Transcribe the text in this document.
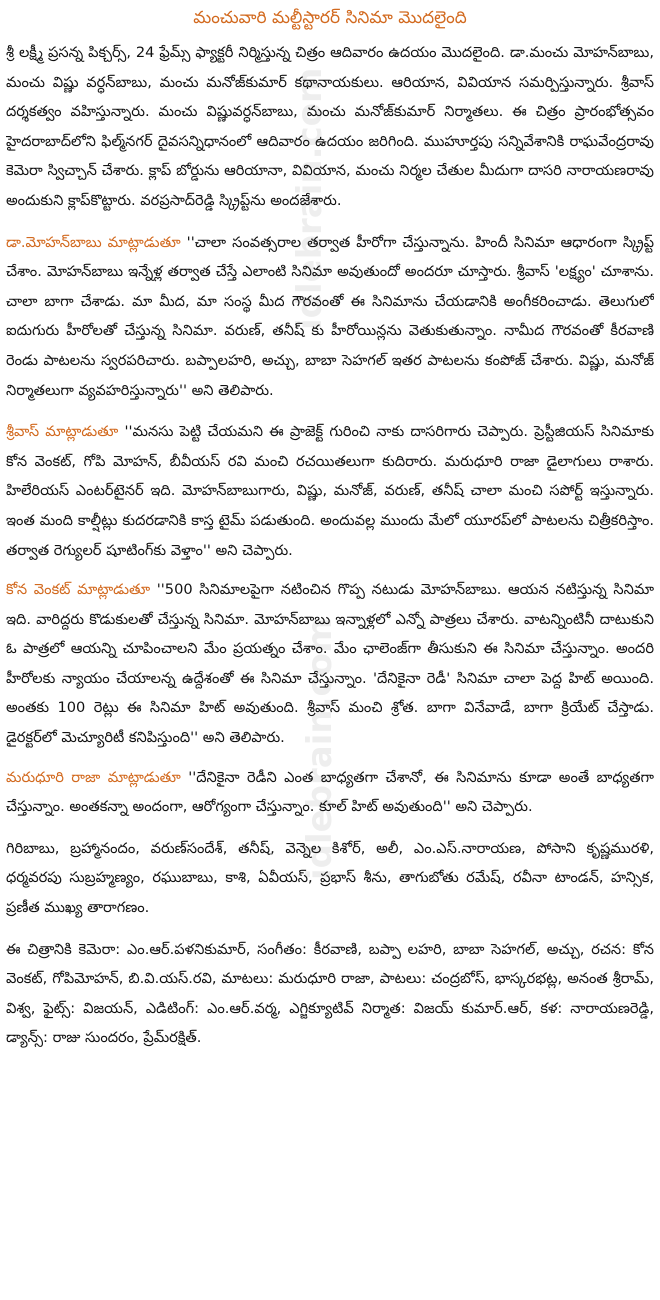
idlebrain.com
idlebrain.com
మంచువారి మల్టీస్టారర్ సినిమా మొదలైంది

శ్రీ లక్ష్మీ ప్రసన్న పిక్చర్స్, 24 ఫ్రేమ్స్ ఫ్యాక్టరీ నిర్మిస్తున్న చిత్రం ఆదివారం ఉదయం మొదలైంది. డా.మంచు మోహన్‌బాబు, మంచు విష్ణు వర్ధన్‌బాబు, మంచు మనోజ్‌కుమార్ కథానాయకులు. ఆరియాన, వివియాన సమర్పిస్తున్నారు. శ్రీవాస్ దర్శకత్వం వహిస్తున్నారు. మంచు విష్ణువర్ధన్‌బాబు, మంచు మనోజ్‌కుమార్ నిర్మాతలు. ఈ చిత్రం ప్రారంభోత్సవం హైదరాబాద్‌లోని ఫిల్మ్‌నగర్ దైవసన్నిధానంలో ఆదివారం ఉదయం జరిగింది. ముహూర్తపు సన్నివేశానికి రాఘవేంద్రరావు కెమెరా స్విచ్చాన్ చేశారు. క్లాప్ బోర్డును ఆరియానా, వివియాన, మంచు నిర్మల చేతుల మీదుగా దాసరి నారాయణరావు అందుకుని క్లాప్‌కొట్టారు. వరప్రసాద్‌రెడ్డి స్క్రిప్ట్‌ను అందజేశారు.

డా.మోహన్‌బాబు మాట్లాడుతూ ''చాలా సంవత్సరాల తర్వాత హీరోగా చేస్తున్నాను. హిందీ సినిమా ఆధారంగా స్క్రిప్ట్ చేశాం. మోహన్‌బాబు ఇన్నేళ్ల తర్వాత చేస్తే ఎలాంటి సినిమా అవుతుందో అందరూ చూస్తారు. శ్రీవాస్ 'లక్ష్యం' చూశాను. చాలా బాగా చేశాడు. మా మీద, మా సంస్థ మీద గౌరవంతో ఈ సినిమాను చేయడానికి అంగీకరించాడు. తెలుగులో ఐదుగురు హీరోలతో చేస్తున్న సినిమా. వరుణ్, తనీష్ కు హీరోయిన్లను వెతుకుతున్నాం. నామీద గౌరవంతో కీరవాణి రెండు పాటలను స్వరపరిచారు. బప్పాలహరి, అచ్చు, బాబా సెహగల్ ఇతర పాటలను కంపోజ్ చేశారు. విష్ణు, మనోజ్ నిర్మాతలుగా వ్యవహరిస్తున్నారు'' అని తెలిపారు.

శ్రీవాస్ మాట్లాడుతూ ''మనసు పెట్టి చేయమని ఈ ప్రాజెక్ట్ గురించి నాకు దాసరిగారు చెప్పారు. ప్రెస్టీజియస్ సినిమాకు కోన వెంకట్, గోపి మోహన్, బీవీయస్ రవి మంచి రచయితలుగా కుదిరారు. మరుధూరి రాజా డైలాగులు రాశారు. హిలేరియస్ ఎంటర్‌టైనర్ ఇది. మోహన్‌బాబుగారు, విష్ణు, మనోజ్, వరుణ్, తనీష్ చాలా మంచి సపోర్ట్ ఇస్తున్నారు. ఇంత మంది కాల్షీట్లు కుదరడానికి కాస్త టైమ్ పడుతుంది. అందువల్ల ముందు మేలో యూరప్‌లో పాటలను చిత్రీకరిస్తాం. తర్వాత రెగ్యులర్ షూటింగ్‌కు వెళ్తాం'' అని చెప్పారు.

కోన వెంకట్ మాట్లాడుతూ ''500 సినిమాలపైగా నటించిన గొప్ప నటుడు మోహన్‌బాబు. ఆయన నటిస్తున్న సినిమా ఇది. వారిద్దరు కొడుకులతో చేస్తున్న సినిమా. మోహన్‌బాబు ఇన్నాళ్లలో ఎన్నో పాత్రలు చేశారు. వాటన్నింటినీ దాటుకుని ఓ పాత్రలో ఆయన్ని చూపించాలని మేం ప్రయత్నం చేశాం. మేం ఛాలెంజ్‌గా తీసుకుని ఈ సినిమా చేస్తున్నాం. అందరి హీరోలకు న్యాయం చేయాలన్న ఉద్దేశంతో ఈ సినిమా చేస్తున్నాం. 'దేనికైనా రెడీ' సినిమా చాలా పెద్ద హిట్ అయింది. అంతకు 100 రెట్లు ఈ సినిమా హిట్ అవుతుంది. శ్రీవాస్ మంచి శ్రోత. బాగా వినేవాడే, బాగా క్రియేట్ చేస్తాడు. డైరక్టర్‌లో మెచ్యూరిటీ కనిపిస్తుంది'' అని తెలిపారు.

మరుధూరి రాజా మాట్లాడుతూ ''దేనికైనా రెడీని ఎంత బాధ్యతగా చేశానో, ఈ సినిమాను కూడా అంతే బాధ్యతగా చేస్తున్నాం. అంతకన్నా అందంగా, ఆరోగ్యంగా చేస్తున్నాం. కూల్ హిట్ అవుతుంది'' అని చెప్పారు.

గిరిబాబు, బ్రహ్మానందం, వరుణ్‌సందేశ్, తనీష్, వెన్నెల కిశోర్, అలీ, ఎం.ఎస్.నారాయణ, పోసాని కృష్ణమురళి, ధర్మవరపు సుబ్రహ్మణ్యం, రఘుబాబు, కాశి, ఏవీయస్, ప్రభాస్ శీను, తాగుబోతు రమేష్, రవీనా టాండన్, హన్సిక, ప్రణీత ముఖ్య తారాగణం.

ఈ చిత్రానికి కెమెరా: ఎం.ఆర్.పళనికుమార్, సంగీతం: కీరవాణి, బప్పా లహరి, బాబా సెహగల్, అచ్చు, రచన: కోన వెంకట్, గోపిమోహన్, బి.వి.యస్.రవి, మాటలు: మరుధూరి రాజా, పాటలు: చంద్రబోస్, భాస్కరభట్ల, అనంత శ్రీరామ్, విశ్వ, ఫైట్స్: విజయన్, ఎడిటింగ్: ఎం.ఆర్.వర్మ, ఎగ్జిక్యూటివ్ నిర్మాత: విజయ్ కుమార్.ఆర్, కళ: నారాయణరెడ్డి, డ్యాన్స్: రాజు సుందరం, ప్రేమ్‌రక్షిత్.
